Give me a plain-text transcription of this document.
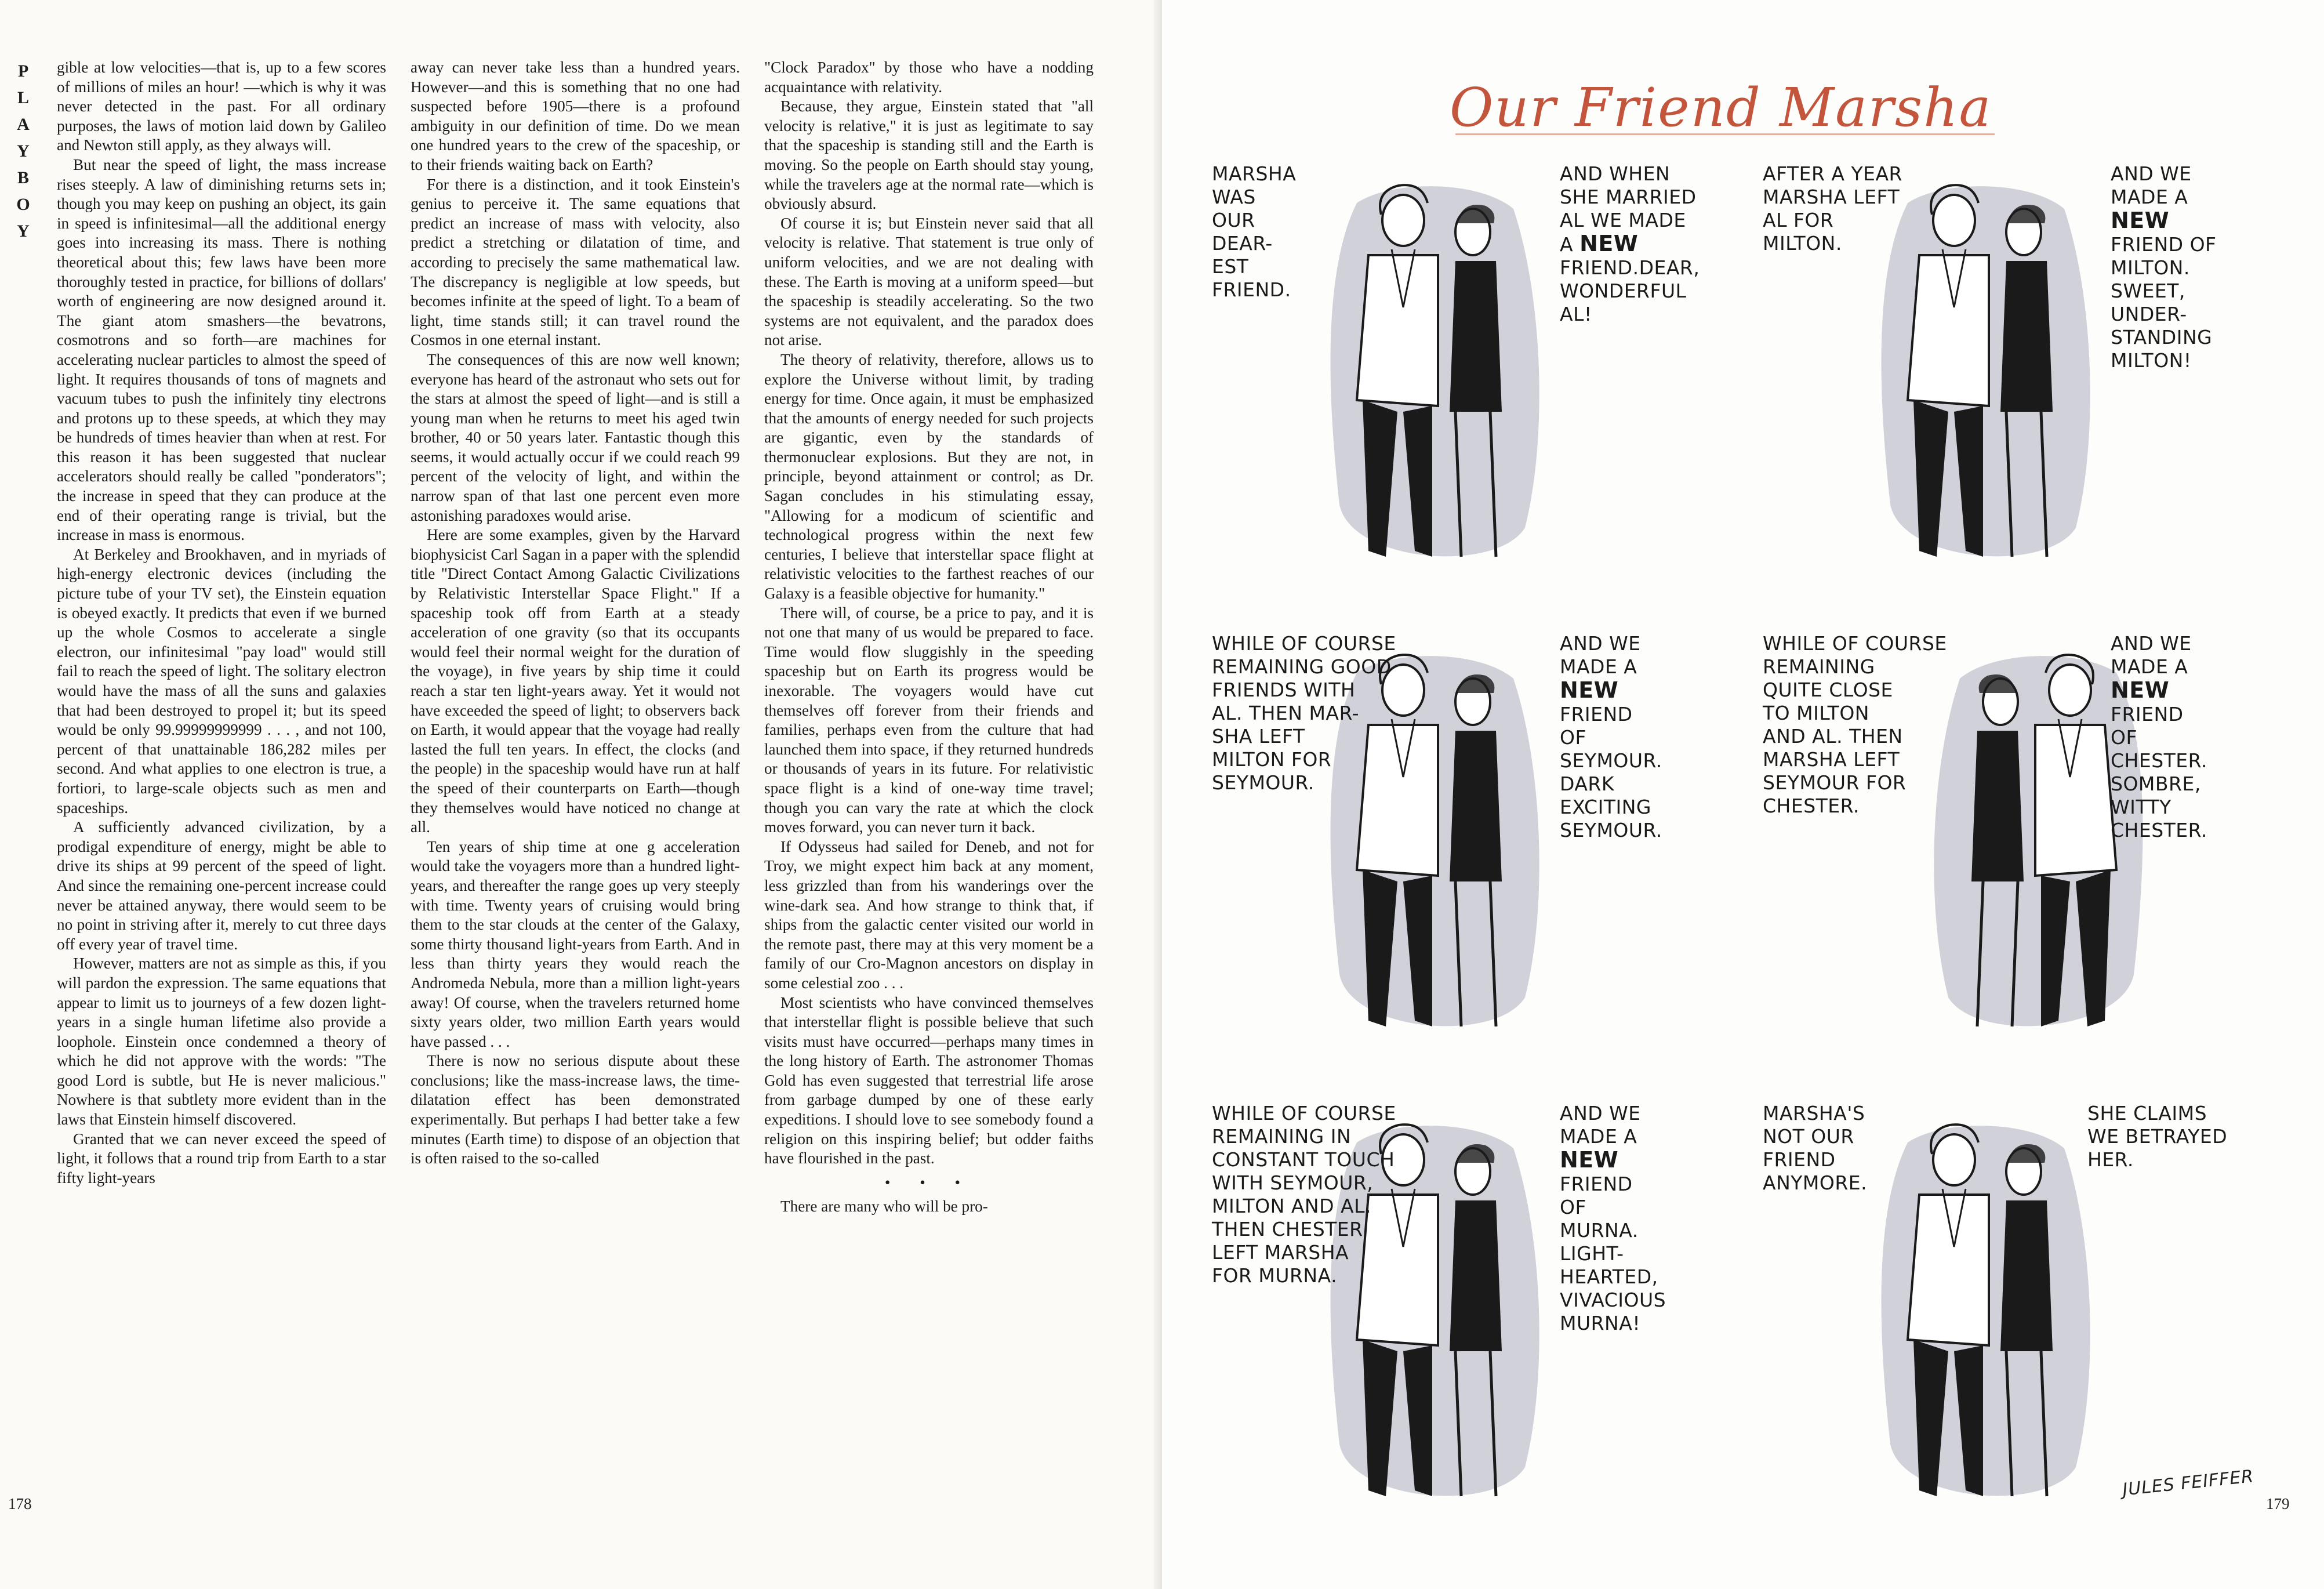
P
L
A
Y
B
O
Y

gible at low velocities—that is, up to a few scores of millions of miles an hour! —which is why it was never detected in the past. For all ordinary purposes, the laws of motion laid down by Galileo and Newton still apply, as they always will.

But near the speed of light, the mass increase rises steeply. A law of diminishing returns sets in; though you may keep on pushing an object, its gain in speed is infinitesimal—all the additional energy goes into increasing its mass. There is nothing theoretical about this; few laws have been more thoroughly tested in practice, for billions of dollars' worth of engineering are now designed around it. The giant atom smashers—the bevatrons, cosmotrons and so forth—are machines for accelerating nuclear particles to almost the speed of light. It requires thousands of tons of magnets and vacuum tubes to push the infinitely tiny electrons and protons up to these speeds, at which they may be hundreds of times heavier than when at rest. For this reason it has been suggested that nuclear accelerators should really be called "ponderators"; the increase in speed that they can produce at the end of their operating range is trivial, but the increase in mass is enormous.

At Berkeley and Brookhaven, and in myriads of high-energy electronic devices (including the picture tube of your TV set), the Einstein equation is obeyed exactly. It predicts that even if we burned up the whole Cosmos to accelerate a single electron, our infinitesimal "pay load" would still fail to reach the speed of light. The solitary electron would have the mass of all the suns and galaxies that had been destroyed to propel it; but its speed would be only 99.99999999999 . . . , and not 100, percent of that unattainable 186,282 miles per second. And what applies to one electron is true, a fortiori, to large-scale objects such as men and spaceships.

A sufficiently advanced civilization, by a prodigal expenditure of energy, might be able to drive its ships at 99 percent of the speed of light. And since the remaining one-percent increase could never be attained anyway, there would seem to be no point in striving after it, merely to cut three days off every year of travel time.

However, matters are not as simple as this, if you will pardon the expression. The same equations that appear to limit us to journeys of a few dozen light-years in a single human lifetime also provide a loophole. Einstein once condemned a theory of which he did not approve with the words: "The good Lord is subtle, but He is never malicious." Nowhere is that subtlety more evident than in the laws that Einstein himself discovered.

Granted that we can never exceed the speed of light, it follows that a round trip from Earth to a star fifty light-years

away can never take less than a hundred years. However—and this is something that no one had suspected before 1905—there is a profound ambiguity in our definition of time. Do we mean one hundred years to the crew of the spaceship, or to their friends waiting back on Earth?

For there is a distinction, and it took Einstein's genius to perceive it. The same equations that predict an increase of mass with velocity, also predict a stretching or dilatation of time, and according to precisely the same mathematical law. The discrepancy is negligible at low speeds, but becomes infinite at the speed of light. To a beam of light, time stands still; it can travel round the Cosmos in one eternal instant.

The consequences of this are now well known; everyone has heard of the astronaut who sets out for the stars at almost the speed of light—and is still a young man when he returns to meet his aged twin brother, 40 or 50 years later. Fantastic though this seems, it would actually occur if we could reach 99 percent of the velocity of light, and within the narrow span of that last one percent even more astonishing paradoxes would arise.

Here are some examples, given by the Harvard biophysicist Carl Sagan in a paper with the splendid title "Direct Contact Among Galactic Civilizations by Relativistic Interstellar Space Flight." If a spaceship took off from Earth at a steady acceleration of one gravity (so that its occupants would feel their normal weight for the duration of the voyage), in five years by ship time it could reach a star ten light-years away. Yet it would not have exceeded the speed of light; to observers back on Earth, it would appear that the voyage had really lasted the full ten years. In effect, the clocks (and the people) in the spaceship would have run at half the speed of their counterparts on Earth—though they themselves would have noticed no change at all.

Ten years of ship time at one g acceleration would take the voyagers more than a hundred light-years, and thereafter the range goes up very steeply with time. Twenty years of cruising would bring them to the star clouds at the center of the Galaxy, some thirty thousand light-years from Earth. And in less than thirty years they would reach the Andromeda Nebula, more than a million light-years away! Of course, when the travelers returned home sixty years older, two million Earth years would have passed . . .

There is now no serious dispute about these conclusions; like the mass-increase laws, the time-dilatation effect has been demonstrated experimentally. But perhaps I had better take a few minutes (Earth time) to dispose of an objection that is often raised to the so-called

"Clock Paradox" by those who have a nodding acquaintance with relativity.

Because, they argue, Einstein stated that "all velocity is relative," it is just as legitimate to say that the spaceship is standing still and the Earth is moving. So the people on Earth should stay young, while the travelers age at the normal rate—which is obviously absurd.

Of course it is; but Einstein never said that all velocity is relative. That statement is true only of uniform velocities, and we are not dealing with these. The Earth is moving at a uniform speed—but the spaceship is steadily accelerating. So the two systems are not equivalent, and the paradox does not arise.

The theory of relativity, therefore, allows us to explore the Universe without limit, by trading energy for time. Once again, it must be emphasized that the amounts of energy needed for such projects are gigantic, even by the standards of thermonuclear explosions. But they are not, in principle, beyond attainment or control; as Dr. Sagan concludes in his stimulating essay, "Allowing for a modicum of scientific and technological progress within the next few centuries, I believe that interstellar space flight at relativistic velocities to the farthest reaches of our Galaxy is a feasible objective for humanity."

There will, of course, be a price to pay, and it is not one that many of us would be prepared to face. Time would flow sluggishly in the speeding spaceship but on Earth its progress would be inexorable. The voyagers would have cut themselves off forever from their friends and families, perhaps even from the culture that had launched them into space, if they returned hundreds or thousands of years in its future. For relativistic space flight is a kind of one-way time travel; though you can vary the rate at which the clock moves forward, you can never turn it back.

If Odysseus had sailed for Deneb, and not for Troy, we might expect him back at any moment, less grizzled than from his wanderings over the wine-dark sea. And how strange to think that, if ships from the galactic center visited our world in the remote past, there may at this very moment be a family of our Cro-Magnon ancestors on display in some celestial zoo . . .

Most scientists who have convinced themselves that interstellar flight is possible believe that such visits must have occurred—perhaps many times in the long history of Earth. The astronomer Thomas Gold has even suggested that terrestrial life arose from garbage dumped by one of these early expeditions. I should love to see somebody found a religion on this inspiring belief; but odder faiths have flourished in the past.

• • •

There are many who will be pro-

178
Our Friend Marsha
MARSHA
WAS
OUR
DEAR-
EST
FRIEND.
AND WHEN
SHE MARRIED
AL WE MADE
A NEW
FRIEND.DEAR,
WONDERFUL
AL!
AFTER A YEAR
MARSHA LEFT
AL FOR
MILTON.
AND WE
MADE A
NEW
FRIEND OF
MILTON.
SWEET,
UNDER-
STANDING
MILTON!
WHILE OF COURSE
REMAINING GOOD
FRIENDS WITH
AL. THEN MAR-
SHA LEFT
MILTON FOR
SEYMOUR.
AND WE
MADE A
NEW
FRIEND
OF
SEYMOUR.
DARK
EXCITING
SEYMOUR.
WHILE OF COURSE
REMAINING
QUITE CLOSE
TO MILTON
AND AL. THEN
MARSHA LEFT
SEYMOUR FOR
CHESTER.
AND WE
MADE A
NEW
FRIEND
OF
CHESTER.
SOMBRE,
WITTY
CHESTER.
WHILE OF COURSE
REMAINING IN
CONSTANT TOUCH
WITH SEYMOUR,
MILTON AND AL.
THEN CHESTER
LEFT MARSHA
FOR MURNA.
AND WE
MADE A
NEW
FRIEND
OF
MURNA.
LIGHT-
HEARTED,
VIVACIOUS
MURNA!
MARSHA'S
NOT OUR
FRIEND
ANYMORE.
SHE CLAIMS
WE BETRAYED
HER.
JULES FEIFFER
179
